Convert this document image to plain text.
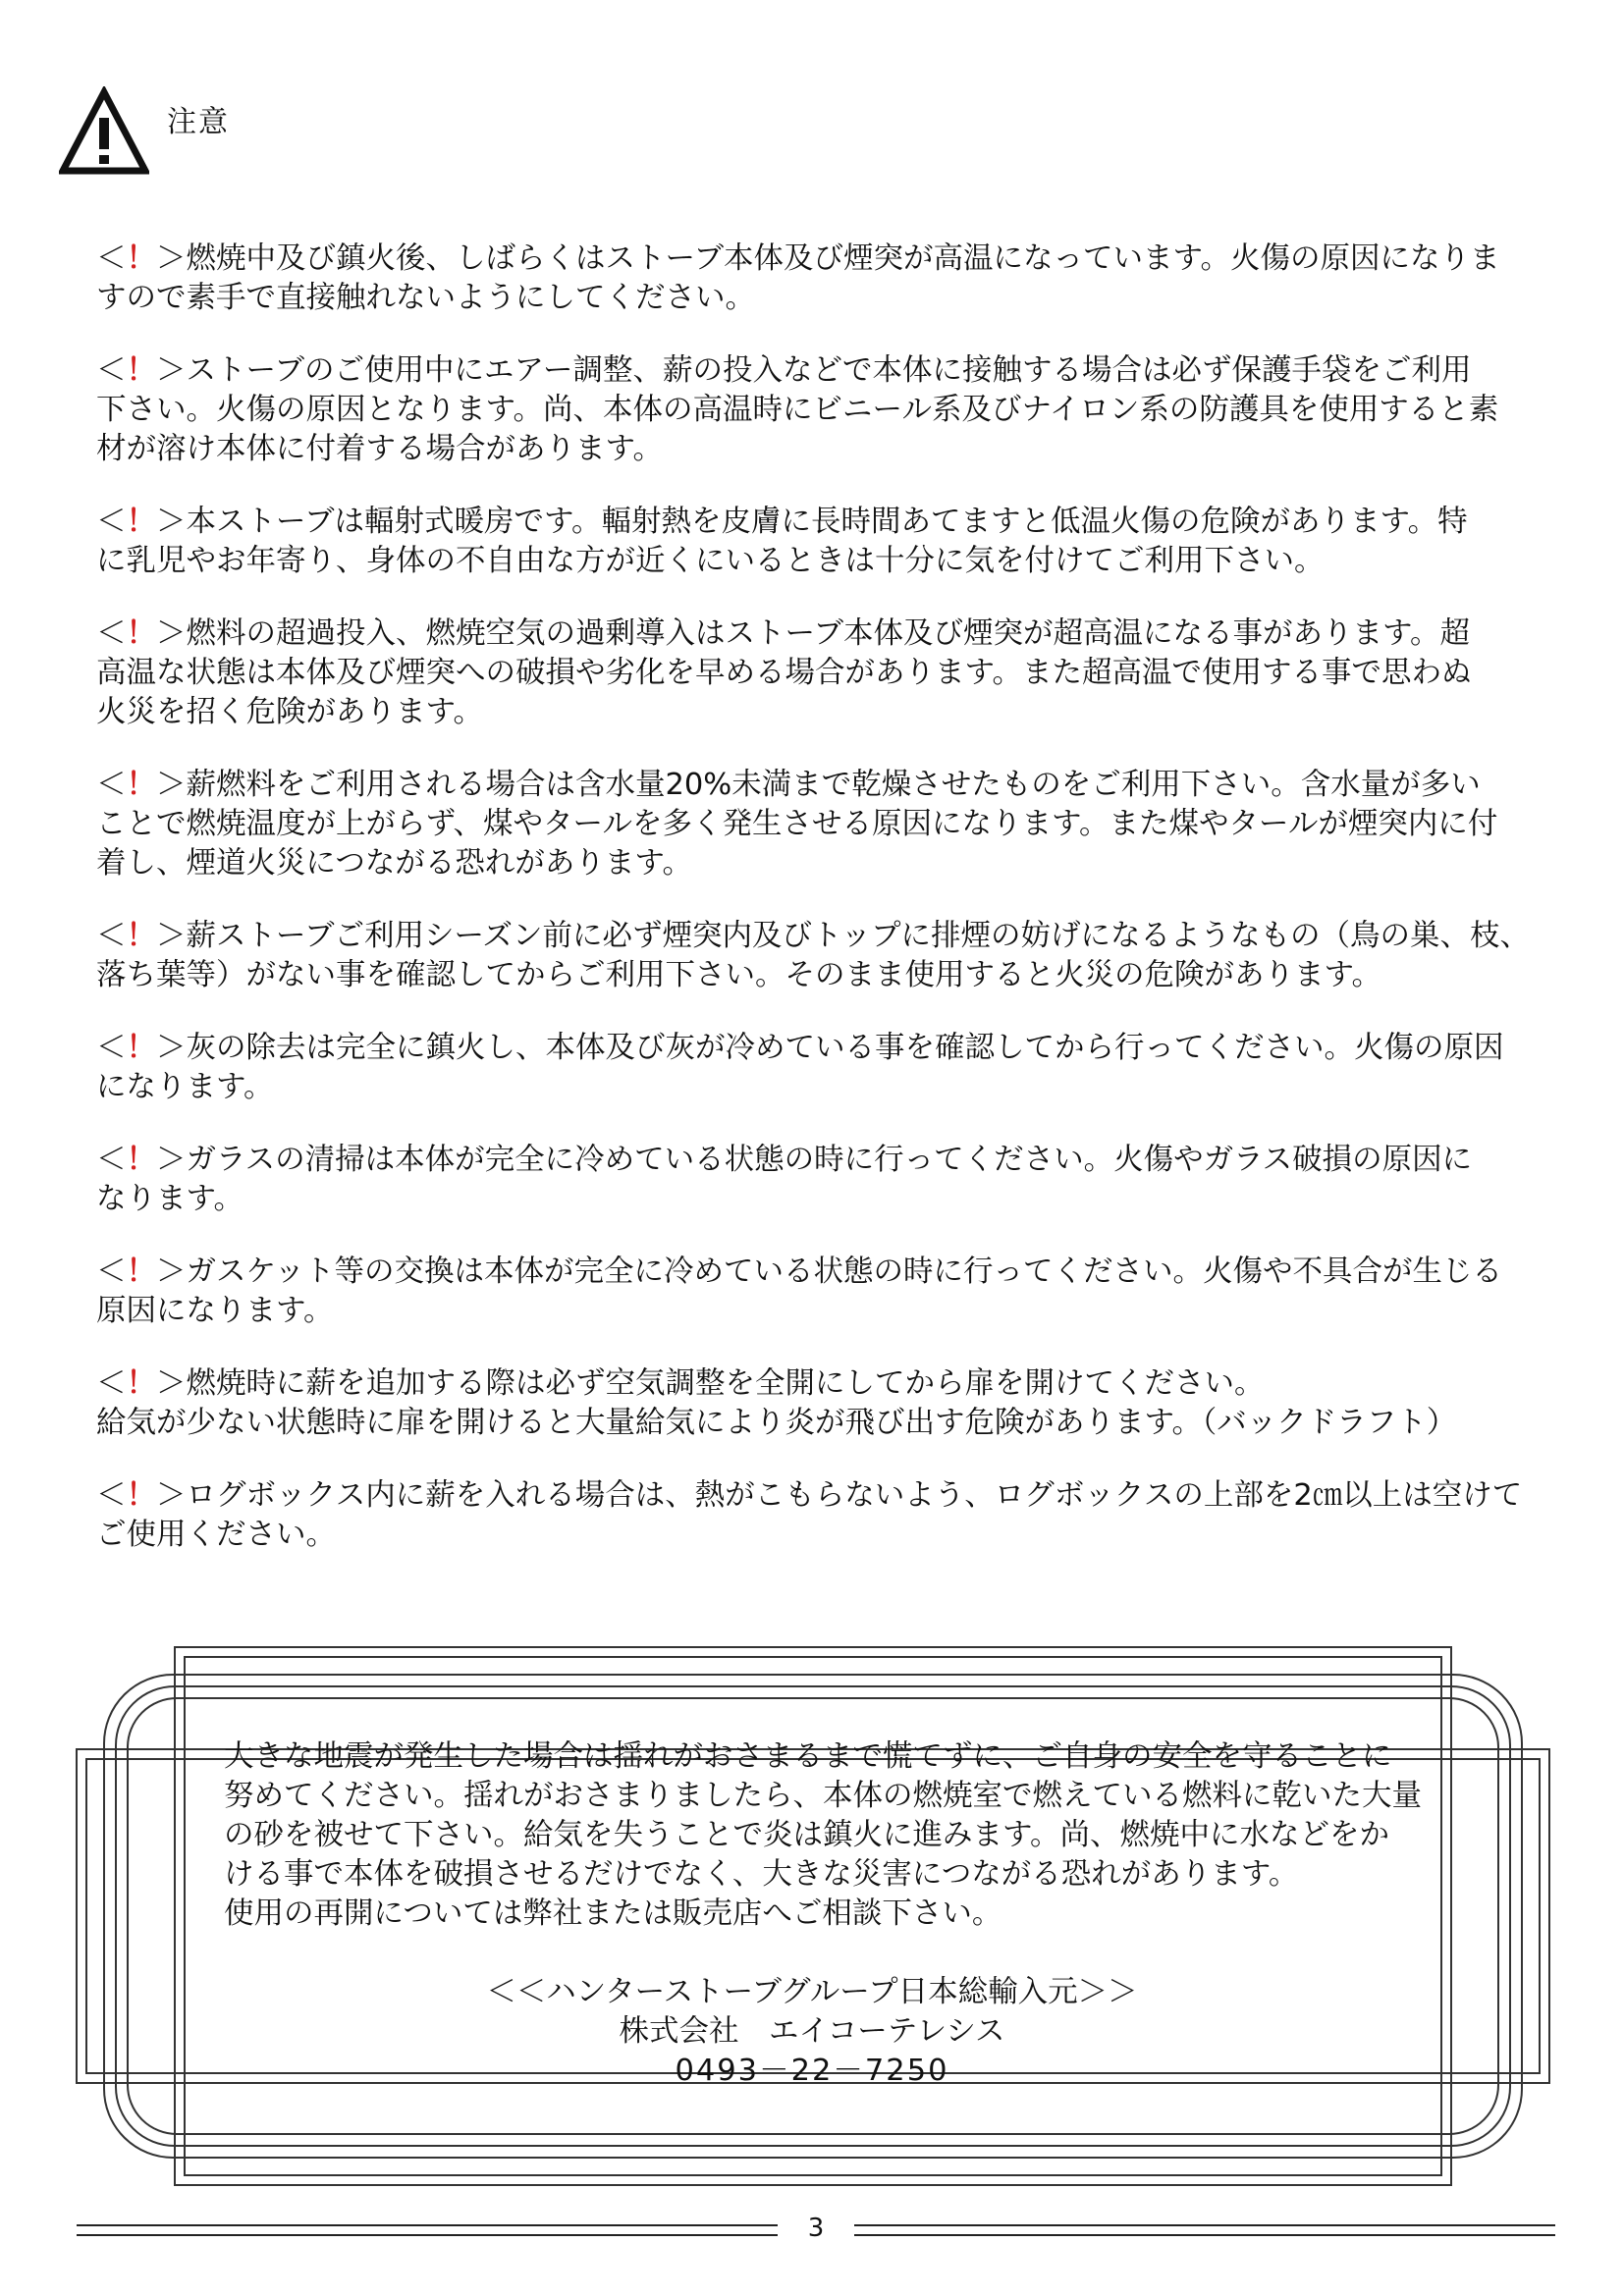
注意

＜！＞燃焼中及び鎮火後、しばらくはストーブ本体及び煙突が高温になっています。火傷の原因になりま
すので素手で直接触れないようにしてください。

＜！＞ストーブのご使用中にエアー調整、薪の投入などで本体に接触する場合は必ず保護手袋をご利用
下さい。火傷の原因となります。尚、本体の高温時にビニール系及びナイロン系の防護具を使用すると素
材が溶け本体に付着する場合があります。

＜！＞本ストーブは輻射式暖房です。輻射熱を皮膚に長時間あてますと低温火傷の危険があります。特
に乳児やお年寄り、身体の不自由な方が近くにいるときは十分に気を付けてご利用下さい。

＜！＞燃料の超過投入、燃焼空気の過剰導入はストーブ本体及び煙突が超高温になる事があります。超
高温な状態は本体及び煙突への破損や劣化を早める場合があります。また超高温で使用する事で思わぬ
火災を招く危険があります。

＜！＞薪燃料をご利用される場合は含水量20%未満まで乾燥させたものをご利用下さい。含水量が多い
ことで燃焼温度が上がらず、煤やタールを多く発生させる原因になります。また煤やタールが煙突内に付
着し、煙道火災につながる恐れがあります。

＜！＞薪ストーブご利用シーズン前に必ず煙突内及びトップに排煙の妨げになるようなもの（鳥の巣、枝、
落ち葉等）がない事を確認してからご利用下さい。そのまま使用すると火災の危険があります。

＜！＞灰の除去は完全に鎮火し、本体及び灰が冷めている事を確認してから行ってください。火傷の原因
になります。

＜！＞ガラスの清掃は本体が完全に冷めている状態の時に行ってください。火傷やガラス破損の原因に
なります。

＜！＞ガスケット等の交換は本体が完全に冷めている状態の時に行ってください。火傷や不具合が生じる
原因になります。

＜！＞燃焼時に薪を追加する際は必ず空気調整を全開にしてから扉を開けてください。
給気が少ない状態時に扉を開けると大量給気により炎が飛び出す危険があります。（バックドラフト）

＜！＞ログボックス内に薪を入れる場合は、熱がこもらないよう、ログボックスの上部を2㎝以上は空けて
ご使用ください。

大きな地震が発生した場合は揺れがおさまるまで慌てずに、ご自身の安全を守ることに
努めてください。揺れがおさまりましたら、本体の燃焼室で燃えている燃料に乾いた大量
の砂を被せて下さい。給気を失うことで炎は鎮火に進みます。尚、燃焼中に水などをか
ける事で本体を破損させるだけでなく、大きな災害につながる恐れがあります。
使用の再開については弊社または販売店へご相談下さい。
＜＜ハンターストーブグループ日本総輸入元＞＞
株式会社　エイコーテレシス
0493－22－7250
3
